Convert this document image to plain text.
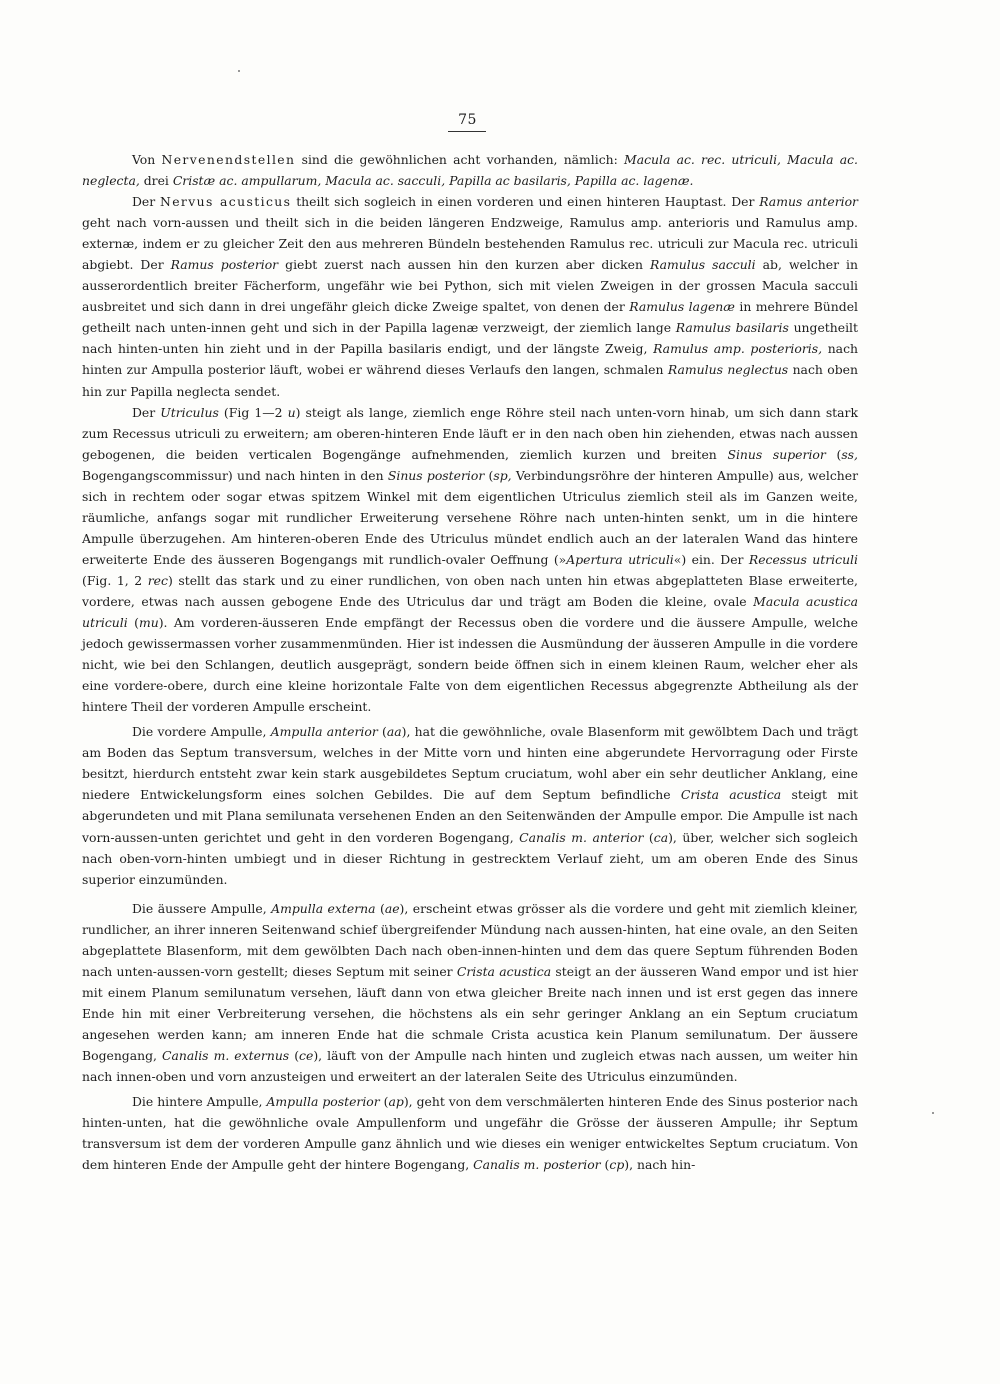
75

Von Nervenendstellen sind die gewöhnlichen acht vorhanden, nämlich: Macula ac. rec. utriculi, Macula ac. neglecta, drei Cristæ ac. ampullarum, Macula ac. sacculi, Papilla ac basilaris, Papilla ac. lagenæ.

Der Nervus acusticus theilt sich sogleich in einen vorderen und einen hinteren Hauptast. Der Ramus anterior geht nach vorn-aussen und theilt sich in die beiden längeren Endzweige, Ramulus amp. anterioris und Ramulus amp. externæ, indem er zu gleicher Zeit den aus mehreren Bündeln bestehenden Ramulus rec. utriculi zur Macula rec. utriculi abgiebt. Der Ramus posterior giebt zuerst nach aussen hin den kurzen aber dicken Ramulus sacculi ab, welcher in ausserordentlich breiter Fächerform, ungefähr wie bei Python, sich mit vielen Zweigen in der grossen Macula sacculi ausbreitet und sich dann in drei ungefähr gleich dicke Zweige spaltet, von denen der Ramulus lagenæ in mehrere Bündel getheilt nach unten-innen geht und sich in der Papilla lagenæ verzweigt, der ziemlich lange Ramulus basilaris ungetheilt nach hinten-unten hin zieht und in der Papilla basilaris endigt, und der längste Zweig, Ramulus amp. posterioris, nach hinten zur Ampulla posterior läuft, wobei er während dieses Verlaufs den langen, schmalen Ramulus neglectus nach oben hin zur Papilla neglecta sendet.

Der Utriculus (Fig 1—2 u) steigt als lange, ziemlich enge Röhre steil nach unten-vorn hinab, um sich dann stark zum Recessus utriculi zu erweitern; am oberen-hinteren Ende läuft er in den nach oben hin ziehenden, etwas nach aussen gebogenen, die beiden verticalen Bogengänge aufnehmenden, ziemlich kurzen und breiten Sinus superior (ss, Bogengangscommissur) und nach hinten in den Sinus posterior (sp, Verbindungsröhre der hinteren Ampulle) aus, welcher sich in rechtem oder sogar etwas spitzem Winkel mit dem eigentlichen Utriculus ziemlich steil als im Ganzen weite, räumliche, anfangs sogar mit rundlicher Erweiterung versehene Röhre nach unten-hinten senkt, um in die hintere Ampulle überzugehen. Am hinteren-oberen Ende des Utriculus mündet endlich auch an der lateralen Wand das hintere erweiterte Ende des äusseren Bogengangs mit rundlich-ovaler Oeffnung (»Apertura utriculi«) ein. Der Recessus utriculi (Fig. 1, 2 rec) stellt das stark und zu einer rundlichen, von oben nach unten hin etwas abgeplatteten Blase erweiterte, vordere, etwas nach aussen gebogene Ende des Utriculus dar und trägt am Boden die kleine, ovale Macula acustica utriculi (mu). Am vorderen-äusseren Ende empfängt der Recessus oben die vordere und die äussere Ampulle, welche jedoch gewissermassen vorher zusammenmünden. Hier ist indessen die Ausmündung der äusseren Ampulle in die vordere nicht, wie bei den Schlangen, deutlich ausgeprägt, sondern beide öffnen sich in einem kleinen Raum, welcher eher als eine vordere-obere, durch eine kleine horizontale Falte von dem eigentlichen Recessus abgegrenzte Abtheilung als der hintere Theil der vorderen Ampulle erscheint.

Die vordere Ampulle, Ampulla anterior (aa), hat die gewöhnliche, ovale Blasenform mit gewölbtem Dach und trägt am Boden das Septum transversum, welches in der Mitte vorn und hinten eine abgerundete Hervorragung oder Firste besitzt, hierdurch entsteht zwar kein stark ausgebildetes Septum cruciatum, wohl aber ein sehr deutlicher Anklang, eine niedere Entwickelungsform eines solchen Gebildes. Die auf dem Septum befindliche Crista acustica steigt mit abgerundeten und mit Plana semilunata versehenen Enden an den Seitenwänden der Ampulle empor. Die Ampulle ist nach vorn-aussen-unten gerichtet und geht in den vorderen Bogengang, Canalis m. anterior (ca), über, welcher sich sogleich nach oben-vorn-hinten umbiegt und in dieser Richtung in gestrecktem Verlauf zieht, um am oberen Ende des Sinus superior einzumünden.

Die äussere Ampulle, Ampulla externa (ae), erscheint etwas grösser als die vordere und geht mit ziemlich kleiner, rundlicher, an ihrer inneren Seitenwand schief übergreifender Mündung nach aussen-hinten, hat eine ovale, an den Seiten abgeplattete Blasenform, mit dem gewölbten Dach nach oben-innen-hinten und dem das quere Septum führenden Boden nach unten-aussen-vorn gestellt; dieses Septum mit seiner Crista acustica steigt an der äusseren Wand empor und ist hier mit einem Planum semilunatum versehen, läuft dann von etwa gleicher Breite nach innen und ist erst gegen das innere Ende hin mit einer Verbreiterung versehen, die höchstens als ein sehr geringer Anklang an ein Septum cruciatum angesehen werden kann; am inneren Ende hat die schmale Crista acustica kein Planum semilunatum. Der äussere Bogengang, Canalis m. externus (ce), läuft von der Ampulle nach hinten und zugleich etwas nach aussen, um weiter hin nach innen-oben und vorn anzusteigen und erweitert an der lateralen Seite des Utriculus einzumünden.

Die hintere Ampulle, Ampulla posterior (ap), geht von dem verschmälerten hinteren Ende des Sinus posterior nach hinten-unten, hat die gewöhnliche ovale Ampullenform und ungefähr die Grösse der äusseren Ampulle; ihr Septum transversum ist dem der vorderen Ampulle ganz ähnlich und wie dieses ein weniger entwickeltes Septum cruciatum. Von dem hinteren Ende der Ampulle geht der hintere Bogengang, Canalis m. posterior (cp), nach hin-
